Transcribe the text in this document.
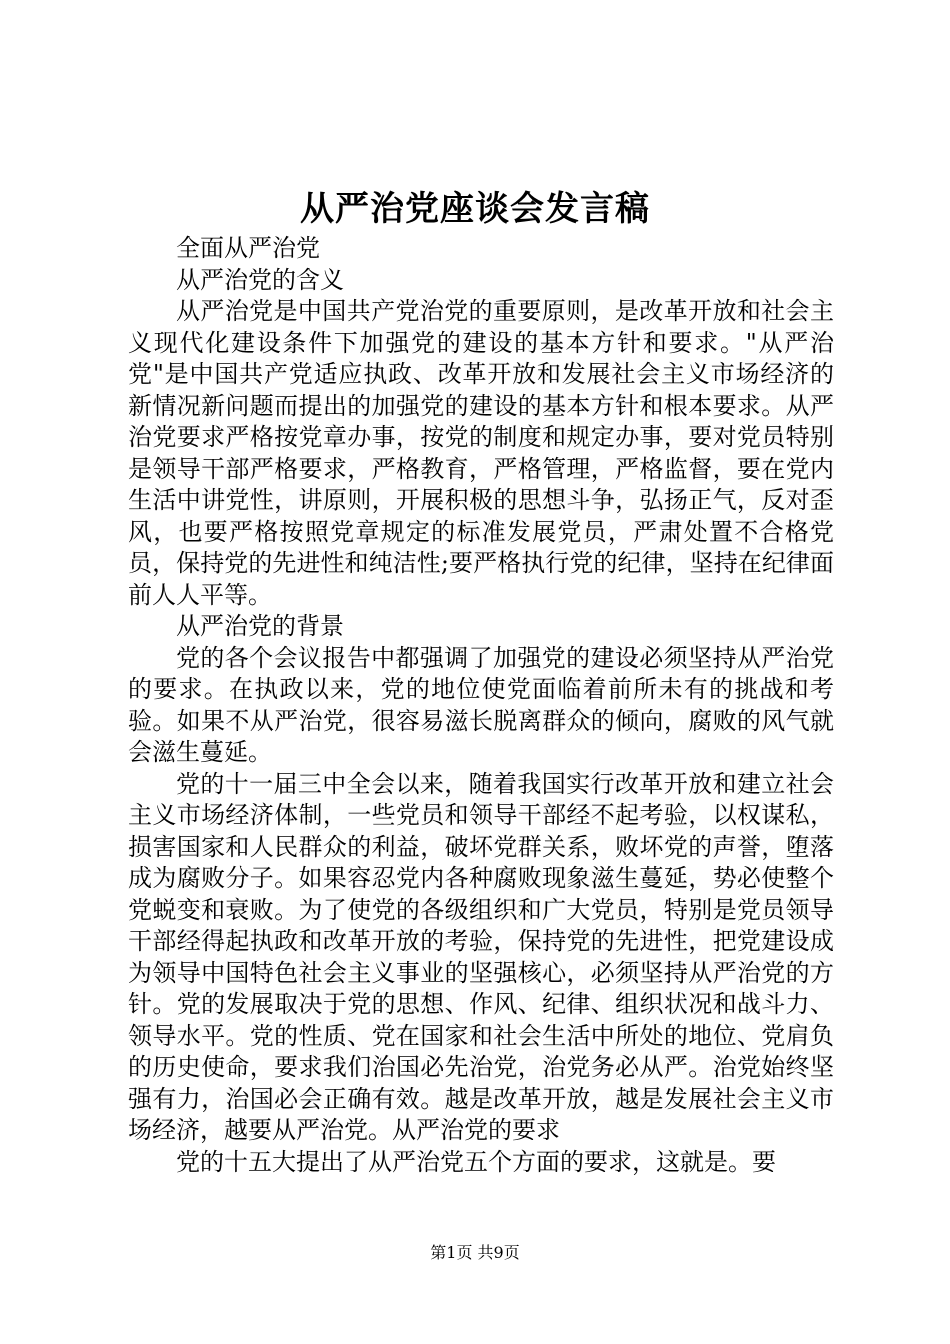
从严治党座谈会发言稿

全面从严治党

从严治党的含义

从严治党是中国共产党治党的重要原则，是改革开放和社会主义现代化建设条件下加强党的建设的基本方针和要求。"从严治党"是中国共产党适应执政、改革开放和发展社会主义市场经济的新情况新问题而提出的加强党的建设的基本方针和根本要求。从严治党要求严格按党章办事，按党的制度和规定办事，要对党员特别是领导干部严格要求，严格教育，严格管理，严格监督，要在党内生活中讲党性，讲原则，开展积极的思想斗争，弘扬正气，反对歪风，也要严格按照党章规定的标准发展党员，严肃处置不合格党员，保持党的先进性和纯洁性;要严格执行党的纪律，坚持在纪律面前人人平等。

从严治党的背景

党的各个会议报告中都强调了加强党的建设必须坚持从严治党的要求。在执政以来，党的地位使党面临着前所未有的挑战和考验。如果不从严治党，很容易滋长脱离群众的倾向，腐败的风气就会滋生蔓延。

党的十一届三中全会以来，随着我国实行改革开放和建立社会主义市场经济体制，一些党员和领导干部经不起考验，以权谋私，损害国家和人民群众的利益，破坏党群关系，败坏党的声誉，堕落成为腐败分子。如果容忍党内各种腐败现象滋生蔓延，势必使整个党蜕变和衰败。为了使党的各级组织和广大党员，特别是党员领导干部经得起执政和改革开放的考验，保持党的先进性，把党建设成为领导中国特色社会主义事业的坚强核心，必须坚持从严治党的方针。党的发展取决于党的思想、作风、纪律、组织状况和战斗力、领导水平。党的性质、党在国家和社会生活中所处的地位、党肩负的历史使命，要求我们治国必先治党，治党务必从严。治党始终坚强有力，治国必会正确有效。越是改革开放，越是发展社会主义市场经济，越要从严治党。从严治党的要求

党的十五大提出了从严治党五个方面的要求，这就是。要

第1页 共9页
